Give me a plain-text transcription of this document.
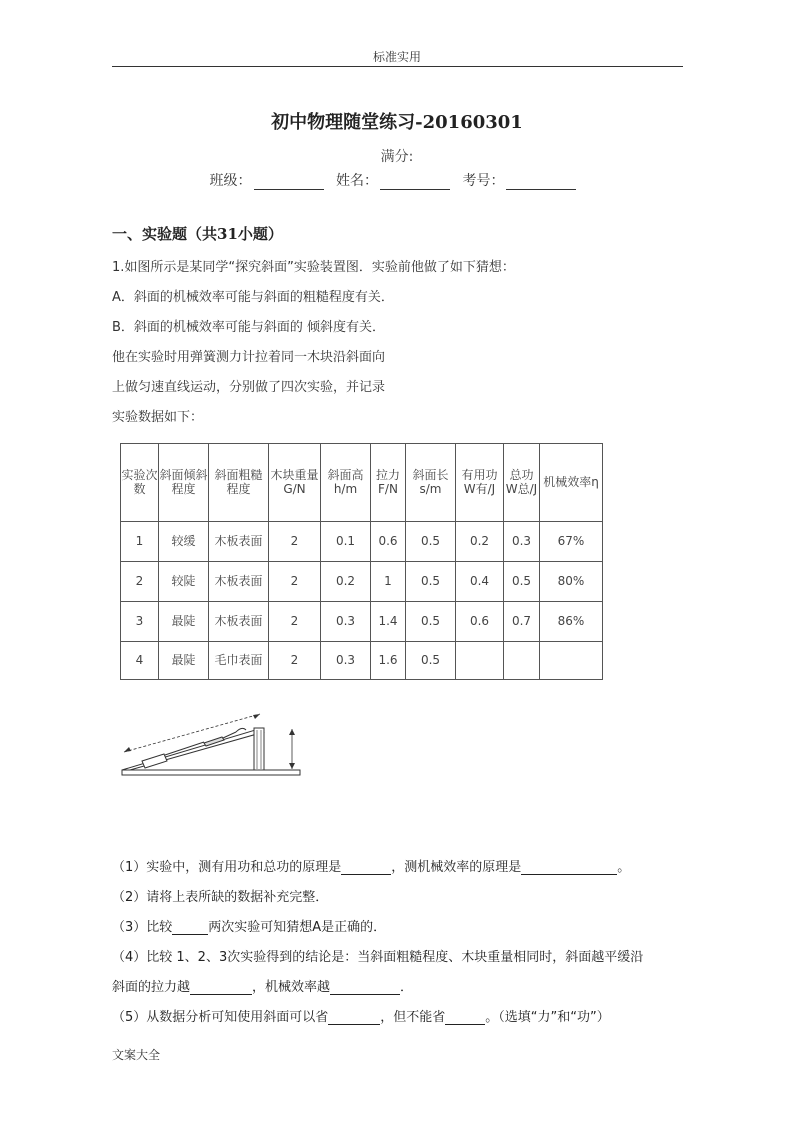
标准实用
初中物理随堂练习-20160301
满分:
班级：	姓名：	考号：
一、实验题（共31小题）
1.如图所示是某同学“探究斜面”实验装置图．实验前他做了如下猜想：
A．斜面的机械效率可能与斜面的粗糙程度有关．
B．斜面的机械效率可能与斜面的 倾斜度有关．
他在实验时用弹簧测力计拉着同一木块沿斜面向
上做匀速直线运动，分别做了四次实验，并记录
实验数据如下：
实验次数	斜面倾斜程度	斜面粗糙程度	木块重量G/N	斜面高h/m	拉力F/N	斜面长s/m	有用功W有/J	总功W总/J	机械效率η
1	较缓	木板表面	2	0.1	0.6	0.5	0.2	0.3	67%
2	较陡	木板表面	2	0.2	1	0.5	0.4	0.5	80%
3	最陡	木板表面	2	0.3	1.4	0.5	0.6	0.7	86%
4	最陡	毛巾表面	2	0.3	1.6	0.5			
（1）实验中，测有用功和总功的原理是	，测机械效率的原理是	。
（2）请将上表所缺的数据补充完整．
（3）比较	两次实验可知猜想A是正确的．
（4）比较 1、2、3次实验得到的结论是：当斜面粗糙程度、木块重量相同时，斜面越平缓沿
斜面的拉力越	，机械效率越	．
（5）从数据分析可知使用斜面可以省	，但不能省	。（选填“力”和“功”）
文案大全
